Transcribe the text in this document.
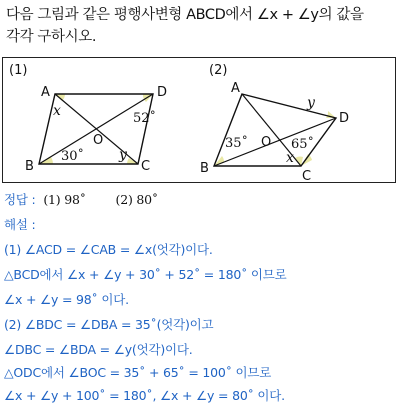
다음 그림과 같은 평행사변형 ABCD에서 ∠x + ∠y의 값을
각각 구하시오.
(1)
A	D
B	C
O
x
y
52˚
30˚
(2)
A
D
B
C
O
y
x
35˚	65˚
정답 : (1) 98˚ (2) 80˚
해설 :
(1) ∠ACD = ∠CAB = ∠x(엇각)이다.
△BCD에서 ∠x + ∠y + 30˚ + 52˚ = 180˚ 이므로
∠x + ∠y = 98˚ 이다.
(2) ∠BDC = ∠DBA = 35˚(엇각)이고
∠DBC = ∠BDA = ∠y(엇각)이다.
△ODC에서 ∠BOC = 35˚ + 65˚ = 100˚ 이므로
∠x + ∠y + 100˚ = 180˚, ∠x + ∠y = 80˚ 이다.
